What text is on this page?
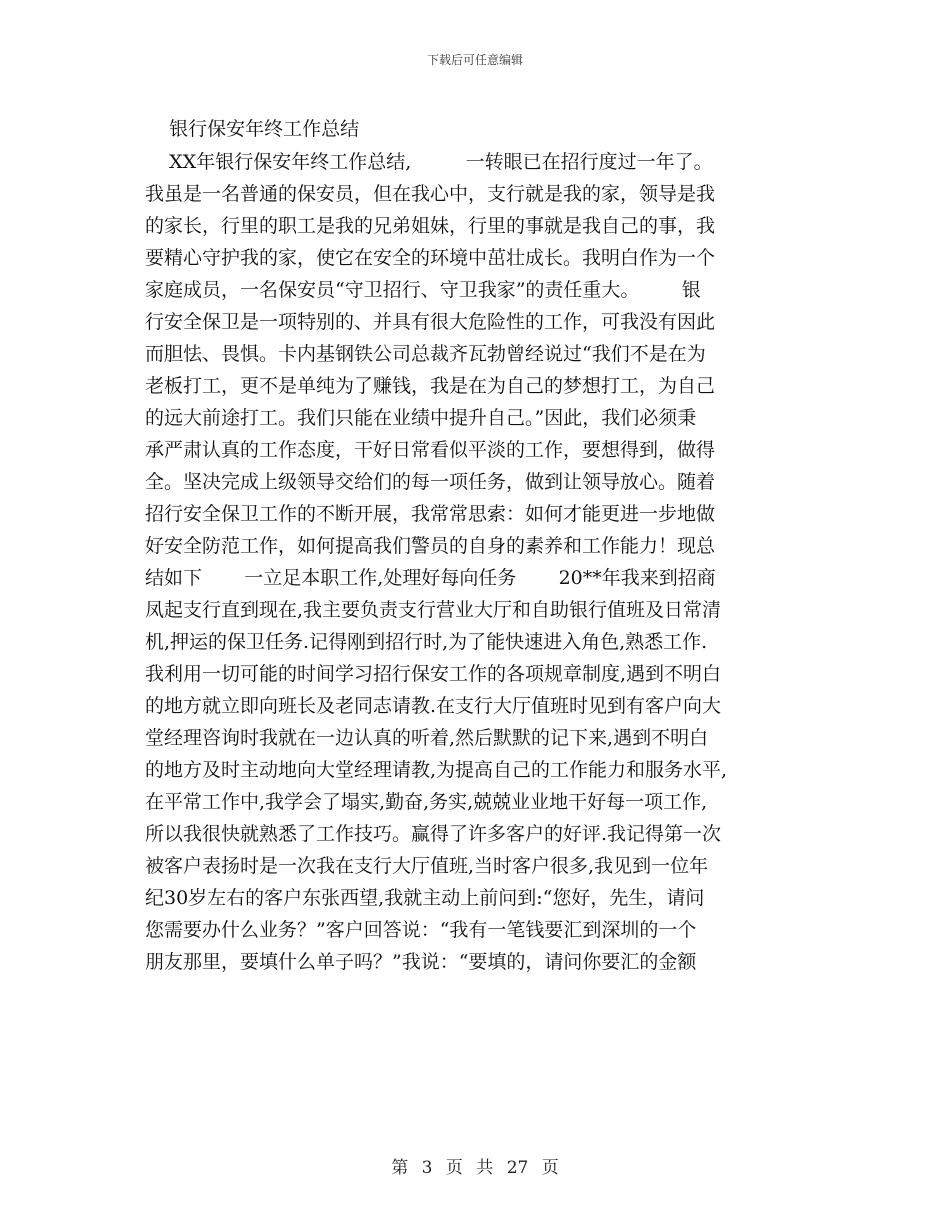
下载后可任意编辑
银行保安年终工作总结
XX年银行保安年终工作总结,         一转眼已在招行度过一年了。
我虽是一名普通的保安员，但在我心中，支行就是我的家，领导是我
的家长，行里的职工是我的兄弟姐妹，行里的事就是我自己的事，我
要精心守护我的家，使它在安全的环境中茁壮成长。我明白作为一个
家庭成员，一名保安员“守卫招行、守卫我家”的责任重大。       银
行安全保卫是一项特别的、并具有很大危险性的工作，可我没有因此
而胆怯、畏惧。卡内基钢铁公司总裁齐瓦勃曾经说过“我们不是在为
老板打工，更不是单纯为了赚钱，我是在为自己的梦想打工，为自己
的远大前途打工。我们只能在业绩中提升自己。”因此，我们必须秉
承严肃认真的工作态度，干好日常看似平淡的工作，要想得到，做得
全。坚决完成上级领导交给们的每一项任务，做到让领导放心。随着
招行安全保卫工作的不断开展，我常常思索：如何才能更进一步地做
好安全防范工作，如何提高我们警员的自身的素养和工作能力！现总
结如下       一立足本职工作,处理好每向任务       20**年我来到招商
凤起支行直到现在,我主要负责支行营业大厅和自助银行值班及日常清
机,押运的保卫任务.记得刚到招行时,为了能快速进入角色,熟悉工作.
我利用一切可能的时间学习招行保安工作的各项规章制度,遇到不明白
的地方就立即向班长及老同志请教.在支行大厅值班时见到有客户向大
堂经理咨询时我就在一边认真的听着,然后默默的记下来,遇到不明白
的地方及时主动地向大堂经理请教,为提高自己的工作能力和服务水平,
在平常工作中,我学会了塌实,勤奋,务实,兢兢业业地干好每一项工作,
所以我很快就熟悉了工作技巧。赢得了许多客户的好评.我记得第一次
被客户表扬时是一次我在支行大厅值班,当时客户很多,我见到一位年
纪30岁左右的客户东张西望,我就主动上前问到:“您好，先生，请问
您需要办什么业务？”客户回答说：“我有一笔钱要汇到深圳的一个
朋友那里，要填什么单子吗？”我说：“要填的，请问你要汇的金额
第 3 页 共 27 页
